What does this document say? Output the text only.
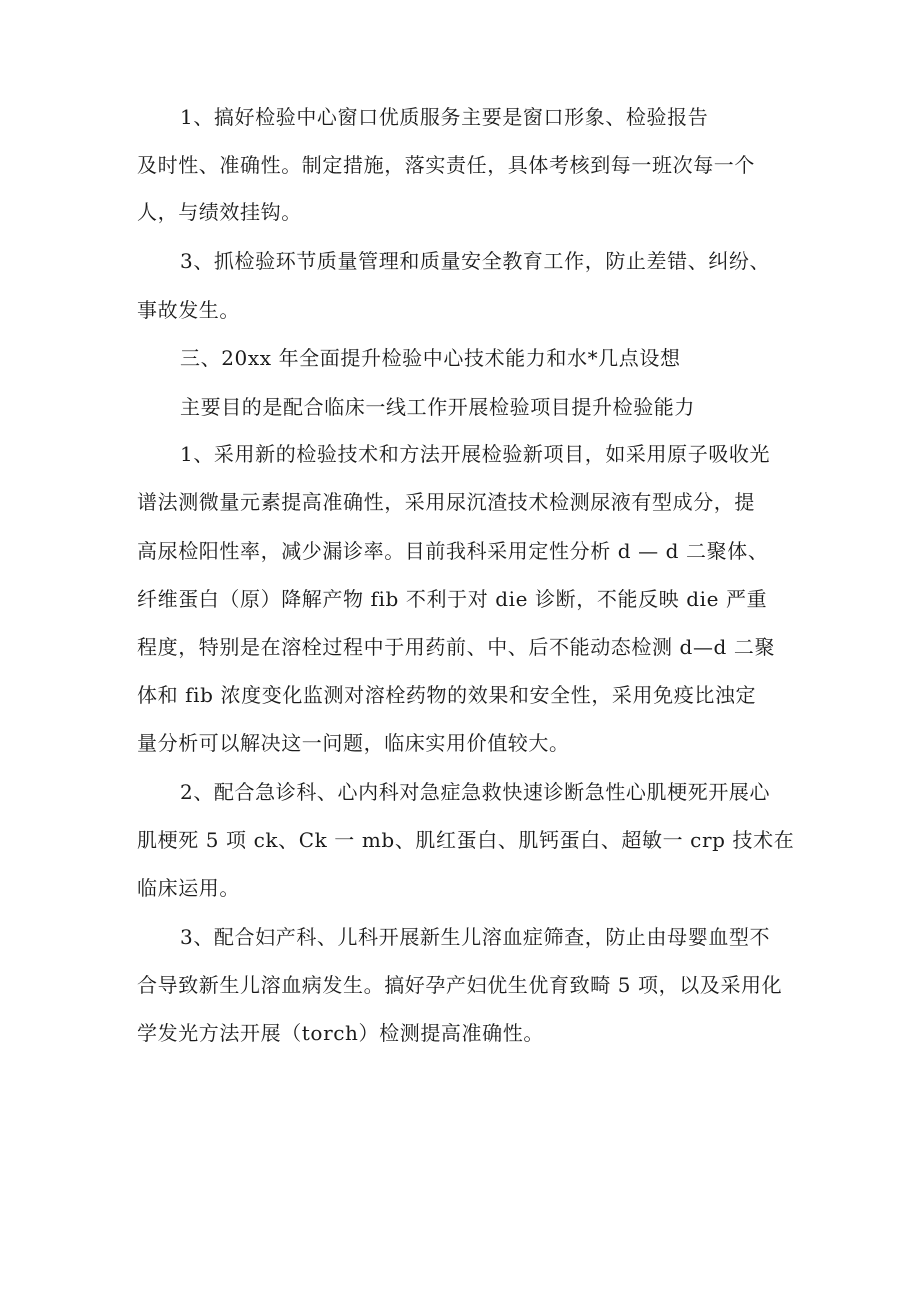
1、搞好检验中心窗口优质服务主要是窗口形象、检验报告
及时性、准确性。制定措施，落实责任，具体考核到每一班次每一个
人，与绩效挂钩。
3、抓检验环节质量管理和质量安全教育工作，防止差错、纠纷、
事故发生。
三、20xx 年全面提升检验中心技术能力和水*几点设想
主要目的是配合临床一线工作开展检验项目提升检验能力
1、采用新的检验技术和方法开展检验新项目，如采用原子吸收光
谱法测微量元素提高准确性，采用尿沉渣技术检测尿液有型成分，提
高尿检阳性率，减少漏诊率。目前我科采用定性分析 d — d 二聚体、
纤维蛋白（原）降解产物 fib 不利于对 die 诊断，不能反映 die 严重
程度，特别是在溶栓过程中于用药前、中、后不能动态检测 d—d 二聚
体和 fib 浓度变化监测对溶栓药物的效果和安全性，采用免疫比浊定
量分析可以解决这一问题，临床实用价值较大。
2、配合急诊科、心内科对急症急救快速诊断急性心肌梗死开展心
肌梗死 5 项 ck、Ck 一 mb、肌红蛋白、肌钙蛋白、超敏一 crp 技术在
临床运用。
3、配合妇产科、儿科开展新生儿溶血症筛查，防止由母婴血型不
合导致新生儿溶血病发生。搞好孕产妇优生优育致畸 5 项，以及采用化
学发光方法开展（torch）检测提高准确性。
